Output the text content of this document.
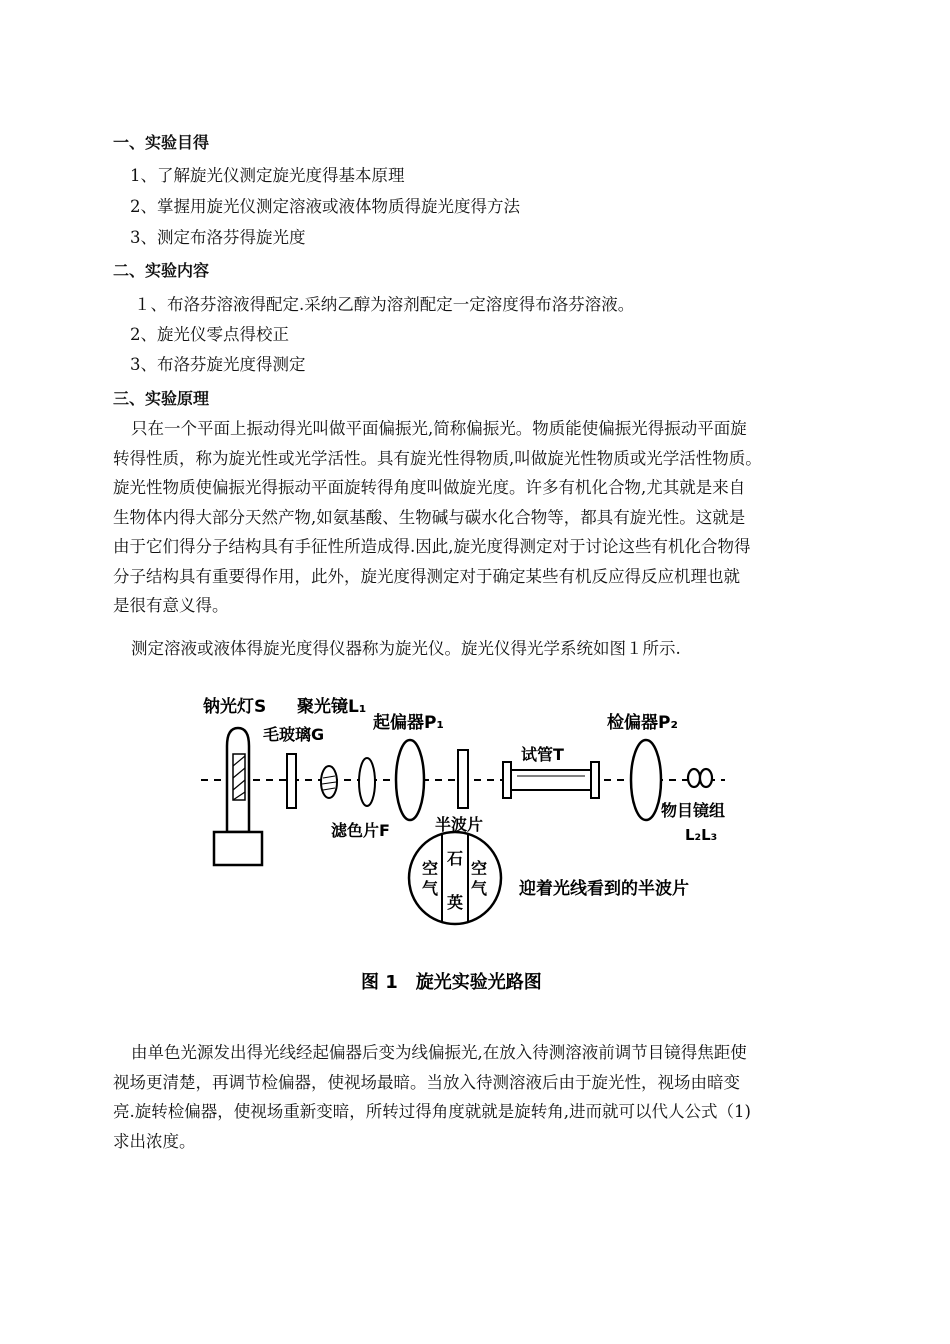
一、实验目得
1、了解旋光仪测定旋光度得基本原理
2、掌握用旋光仪测定溶液或液体物质得旋光度得方法
3、测定布洛芬得旋光度
二、实验内容
１、布洛芬溶液得配定.采纳乙醇为溶剂配定一定溶度得布洛芬溶液。
2、旋光仪零点得校正
3、布洛芬旋光度得测定
三、实验原理
只在一个平面上振动得光叫做平面偏振光,简称偏振光。物质能使偏振光得振动平面旋
转得性质，称为旋光性或光学活性。具有旋光性得物质,叫做旋光性物质或光学活性物质。
旋光性物质使偏振光得振动平面旋转得角度叫做旋光度。许多有机化合物,尤其就是来自
生物体内得大部分天然产物,如氨基酸、生物碱与碳水化合物等，都具有旋光性。这就是
由于它们得分子结构具有手征性所造成得.因此,旋光度得测定对于讨论这些有机化合物得
分子结构具有重要得作用，此外，旋光度得测定对于确定某些有机反应得反应机理也就
是很有意义得。
测定溶液或液体得旋光度得仪器称为旋光仪。旋光仪得光学系统如图１所示.
钠光灯S 聚光镜L₁
毛玻璃G
起偏器P₁
试管T
检偏器P₂
滤色片F	半波片
物目镜组
L₂L₃
迎着光线看到的半波片
空
气
石
英
空
气
图 1　旋光实验光路图
由单色光源发出得光线经起偏器后变为线偏振光,在放入待测溶液前调节目镜得焦距使
视场更清楚，再调节检偏器，使视场最暗。当放入待测溶液后由于旋光性，视场由暗变
亮.旋转检偏器，使视场重新变暗，所转过得角度就就是旋转角,进而就可以代人公式（1)
求出浓度。
